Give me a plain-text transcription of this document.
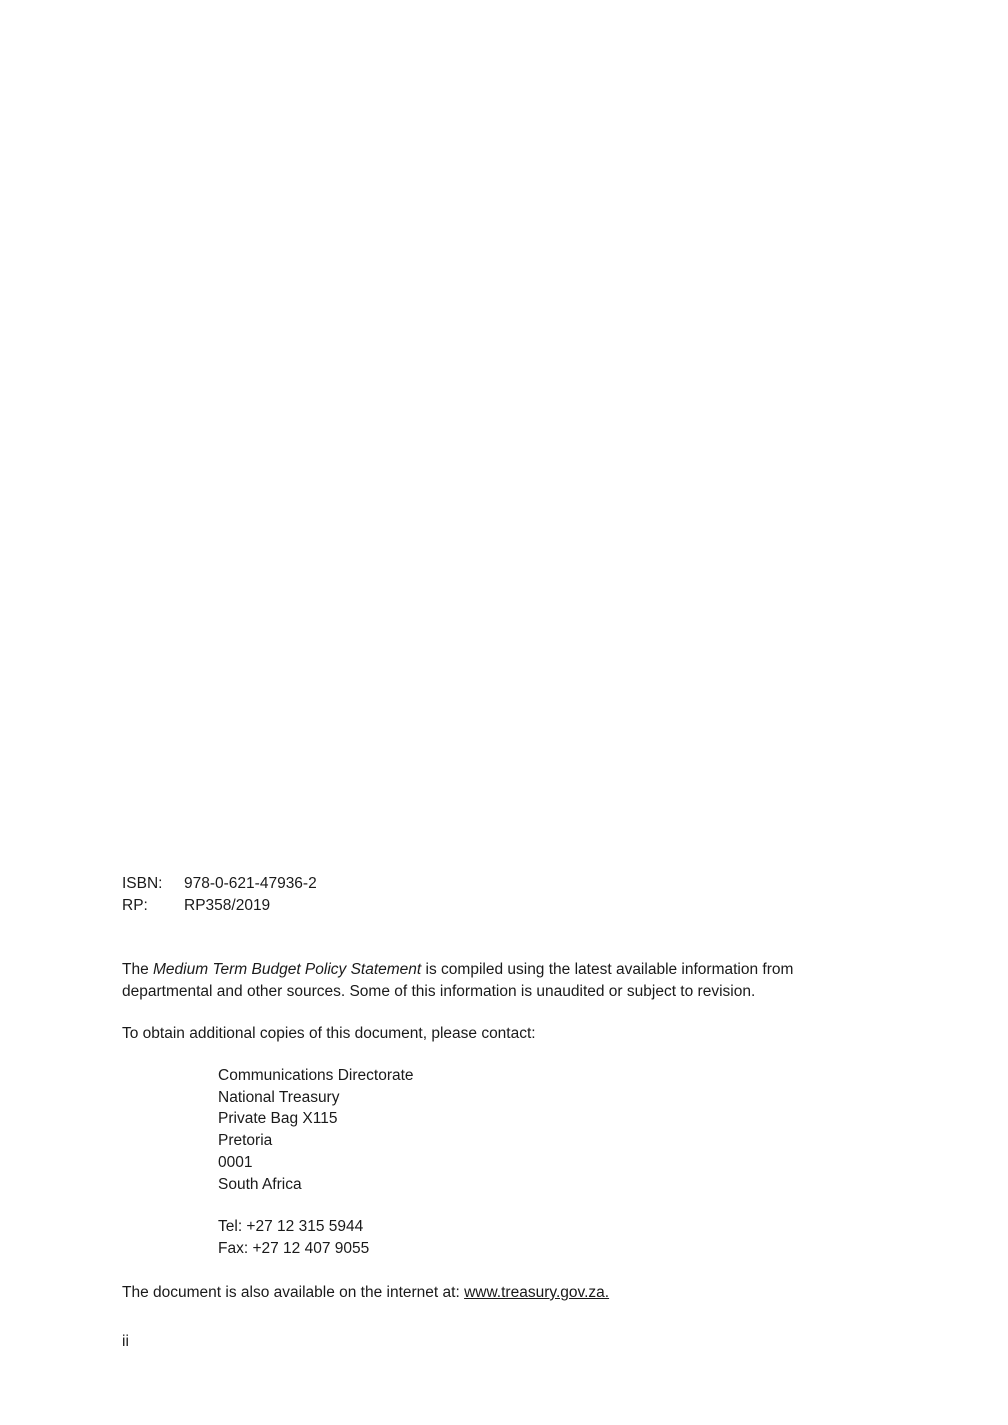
ISBN: 978-0-621-47936-2
RP: RP358/2019
The Medium Term Budget Policy Statement is compiled using the latest available information from
departmental and other sources. Some of this information is unaudited or subject to revision.
To obtain additional copies of this document, please contact:
Communications Directorate
National Treasury
Private Bag X115
Pretoria
0001
South Africa
Tel: +27 12 315 5944
Fax: +27 12 407 9055
The document is also available on the internet at: www.treasury.gov.za.
ii
